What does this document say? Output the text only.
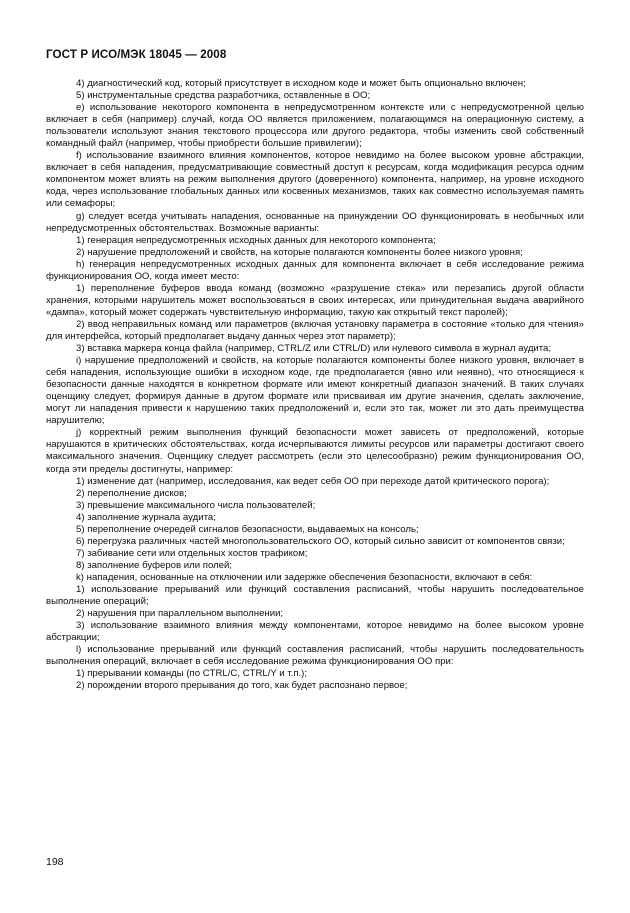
ГОСТ Р ИСО/МЭК 18045 — 2008

4) диагностический код, который присутствует в исходном коде и может быть опционально включен;

5) инструментальные средства разработчика, оставленные в ОО;

e) использование некоторого компонента в непредусмотренном контексте или с непредусмотренной целью включает в себя (например) случай, когда ОО является приложением, полагающимся на операционную систему, а пользователи используют знания текстового процессора или другого редактора, чтобы изменить свой собственный командный файл (например, чтобы приобрести большие привилегии);

f) использование взаимного влияния компонентов, которое невидимо на более высоком уровне абстракции, включает в себя нападения, предусматривающие совместный доступ к ресурсам, когда модификация ресурса одним компонентом может влиять на режим выполнения другого (доверенного) компонента, например, на уровне исходного кода, через использование глобальных данных или косвенных механизмов, таких как совместно используемая память или семафоры;

g) следует всегда учитывать нападения, основанные на принуждении ОО функционировать в необычных или непредусмотренных обстоятельствах. Возможные варианты:

1) генерация непредусмотренных исходных данных для некоторого компонента;

2) нарушение предположений и свойств, на которые полагаются компоненты более низкого уровня;

h) генерация непредусмотренных исходных данных для компонента включает в себя исследование режима функционирования ОО, когда имеет место:

1) переполнение буферов ввода команд (возможно «разрушение стека» или перезапись другой области хранения, которыми нарушитель может воспользоваться в своих интересах, или принудительная выдача аварийного «дампа», который может содержать чувствительную информацию, такую как открытый текст паролей);

2) ввод неправильных команд или параметров (включая установку параметра в состояние «только для чтения» для интерфейса, который предполагает выдачу данных через этот параметр);

3) вставка маркера конца файла (например, CTRL/Z или CTRL/D) или нулевого символа в журнал аудита;

i) нарушение предположений и свойств, на которые полагаются компоненты более низкого уровня, включает в себя нападения, использующие ошибки в исходном коде, где предполагается (явно или неявно), что относящиеся к безопасности данные находятся в конкретном формате или имеют конкретный диапазон значений. В таких случаях оценщику следует, формируя данные в другом формате или присваивая им другие значения, сделать заключение, могут ли нападения привести к нарушению таких предположений и, если это так, может ли это дать преимущества нарушителю;

j) корректный режим выполнения функций безопасности может зависеть от предположений, которые нарушаются в критических обстоятельствах, когда исчерпываются лимиты ресурсов или параметры достигают своего максимального значения. Оценщику следует рассмотреть (если это целесообразно) режим функционирования ОО, когда эти пределы достигнуты, например:

1) изменение дат (например, исследования, как ведет себя ОО при переходе датой критического порога);

2) переполнение дисков;

3) превышение максимального числа пользователей;

4) заполнение журнала аудита;

5) переполнение очередей сигналов безопасности, выдаваемых на консоль;

6) перегрузка различных частей многопользовательского ОО, который сильно зависит от компонентов связи;

7) забивание сети или отдельных хостов трафиком;

8) заполнение буферов или полей;

k) нападения, основанные на отключении или задержке обеспечения безопасности, включают в себя:

1) использование прерываний или функций составления расписаний, чтобы нарушить последовательное выполнение операций;

2) нарушения при параллельном выполнении;

3) использование взаимного влияния между компонентами, которое невидимо на более высоком уровне абстракции;

l) использование прерываний или функций составления расписаний, чтобы нарушить последовательность выполнения операций, включает в себя исследование режима функционирования ОО при:

1) прерывании команды (по CTRL/C, CTRL/Y и т.п.);

2) порождении второго прерывания до того, как будет распознано первое;

198
